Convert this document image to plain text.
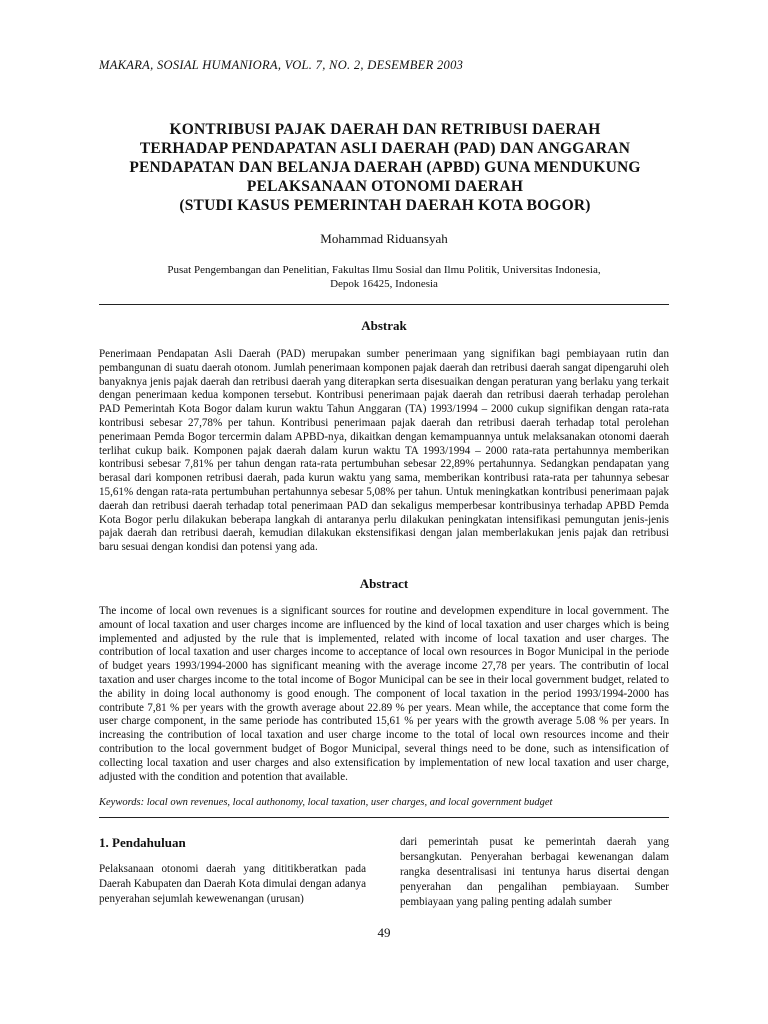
MAKARA, SOSIAL HUMANIORA, VOL. 7, NO. 2, DESEMBER 2003
KONTRIBUSI PAJAK DAERAH DAN RETRIBUSI DAERAH
TERHADAP PENDAPATAN ASLI DAERAH (PAD) DAN ANGGARAN
PENDAPATAN DAN BELANJA DAERAH (APBD) GUNA MENDUKUNG
PELAKSANAAN OTONOMI DAERAH
(STUDI KASUS PEMERINTAH DAERAH KOTA BOGOR)
Mohammad Riduansyah
Pusat Pengembangan dan Penelitian, Fakultas Ilmu Sosial dan Ilmu Politik, Universitas Indonesia,
Depok 16425, Indonesia
Abstrak
Penerimaan Pendapatan Asli Daerah (PAD) merupakan sumber penerimaan yang signifikan bagi pembiayaan rutin dan pembangunan di suatu daerah otonom. Jumlah penerimaan komponen pajak daerah dan retribusi daerah sangat dipengaruhi oleh banyaknya jenis pajak daerah dan retribusi daerah yang diterapkan serta disesuaikan dengan peraturan yang berlaku yang terkait dengan penerimaan kedua komponen tersebut. Kontribusi penerimaan pajak daerah dan retribusi daerah terhadap perolehan PAD Pemerintah Kota Bogor dalam kurun waktu Tahun Anggaran (TA) 1993/1994 – 2000 cukup signifikan dengan rata-rata kontribusi sebesar 27,78% per tahun. Kontribusi penerimaan pajak daerah dan retribusi daerah terhadap total perolehan penerimaan Pemda Bogor tercermin dalam APBD-nya, dikaitkan dengan kemampuannya untuk melaksanakan otonomi daerah terlihat cukup baik. Komponen pajak daerah dalam kurun waktu TA 1993/1994 – 2000 rata-rata pertahunnya memberikan kontribusi sebesar 7,81% per tahun dengan rata-rata pertumbuhan sebesar 22,89% pertahunnya. Sedangkan pendapatan yang berasal dari komponen retribusi daerah, pada kurun waktu yang sama, memberikan kontribusi rata-rata per tahunnya sebesar 15,61% dengan rata-rata pertumbuhan pertahunnya sebesar 5,08% per tahun. Untuk meningkatkan kontribusi penerimaan pajak daerah dan retribusi daerah terhadap total penerimaan PAD dan sekaligus memperbesar kontribusinya terhadap APBD Pemda Kota Bogor perlu dilakukan beberapa langkah di antaranya perlu dilakukan peningkatan intensifikasi pemungutan jenis-jenis pajak daerah dan retribusi daerah, kemudian dilakukan ekstensifikasi dengan jalan memberlakukan jenis pajak dan retribusi baru sesuai dengan kondisi dan potensi yang ada.
Abstract
The income of local own revenues is a significant sources for routine and developmen expenditure in local government. The amount of local taxation and user charges income are influenced by the kind of local taxation and user charges which is being implemented and adjusted by the rule that is implemented, related with income of local taxation and user charges. The contribution of local taxation and user charges income to acceptance of local own resources in Bogor Municipal in the periode of budget years 1993/1994-2000 has significant meaning with the average income 27,78 per years. The contributin of local taxation and user charges income to the total income of Bogor Municipal can be see in their local government budget, related to the ability in doing local authonomy is good enough. The component of local taxation in the period 1993/1994-2000 has contribute 7,81 % per years with the growth average about 22.89 % per years. Mean while, the acceptance that come form the user charge component, in the same periode has contributed 15,61 % per years with the growth average 5.08 % per years. In increasing the contribution of local taxation and user charge income to the total of local own resources income and their contribution to the local government budget of Bogor Municipal, several things need to be done, such as intensification of collecting local taxation and user charges and also extensification by implementation of new local taxation and user charge, adjusted with the condition and potention that available.
Keywords: local own revenues, local authonomy, local taxation, user charges, and local government budget
1. Pendahuluan
Pelaksanaan otonomi daerah yang dititikberatkan pada Daerah Kabupaten dan Daerah Kota dimulai dengan adanya penyerahan sejumlah kewewenangan (urusan)
dari pemerintah pusat ke pemerintah daerah yang bersangkutan. Penyerahan berbagai kewenangan dalam rangka desentralisasi ini tentunya harus disertai dengan penyerahan dan pengalihan pembiayaan. Sumber pembiayaan yang paling penting adalah sumber
49
